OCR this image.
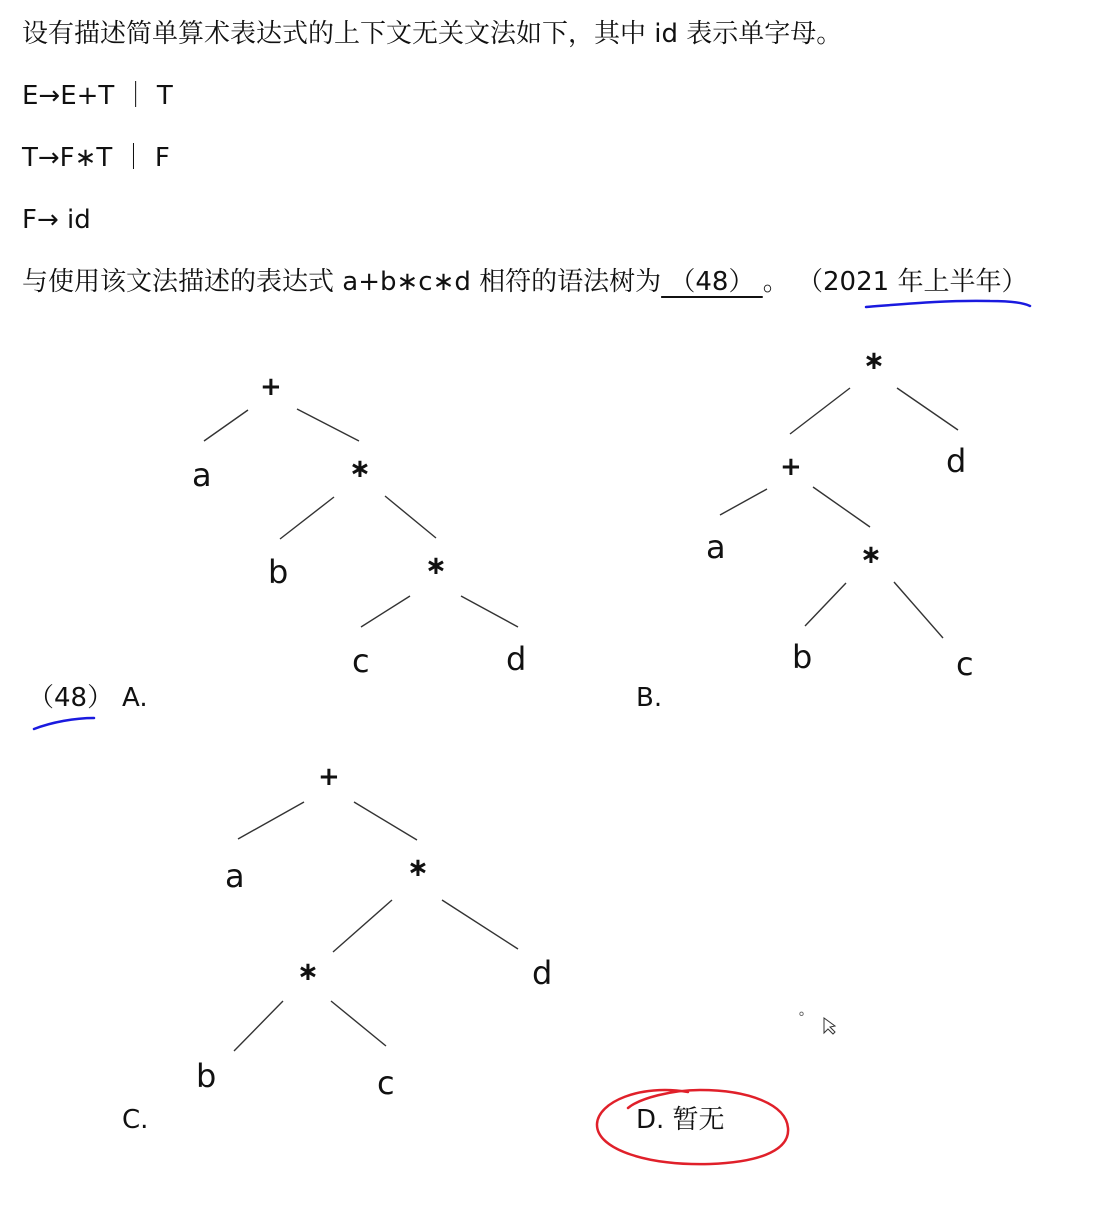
设有描述简单算术表达式的上下文无关文法如下，其中 id 表示单字母。
E→E+T ｜ T
T→F∗T ｜ F
F→ id
与使用该文法描述的表达式 a+b∗c∗d 相符的语法树为 （48） 。 （2021 年上半年）
+
a	∗
b	∗
c	d
∗
+	d
a	∗
b	c
+
a	∗
∗	d
b	c
（48） A.	B.
C.	D. 暂无
°
